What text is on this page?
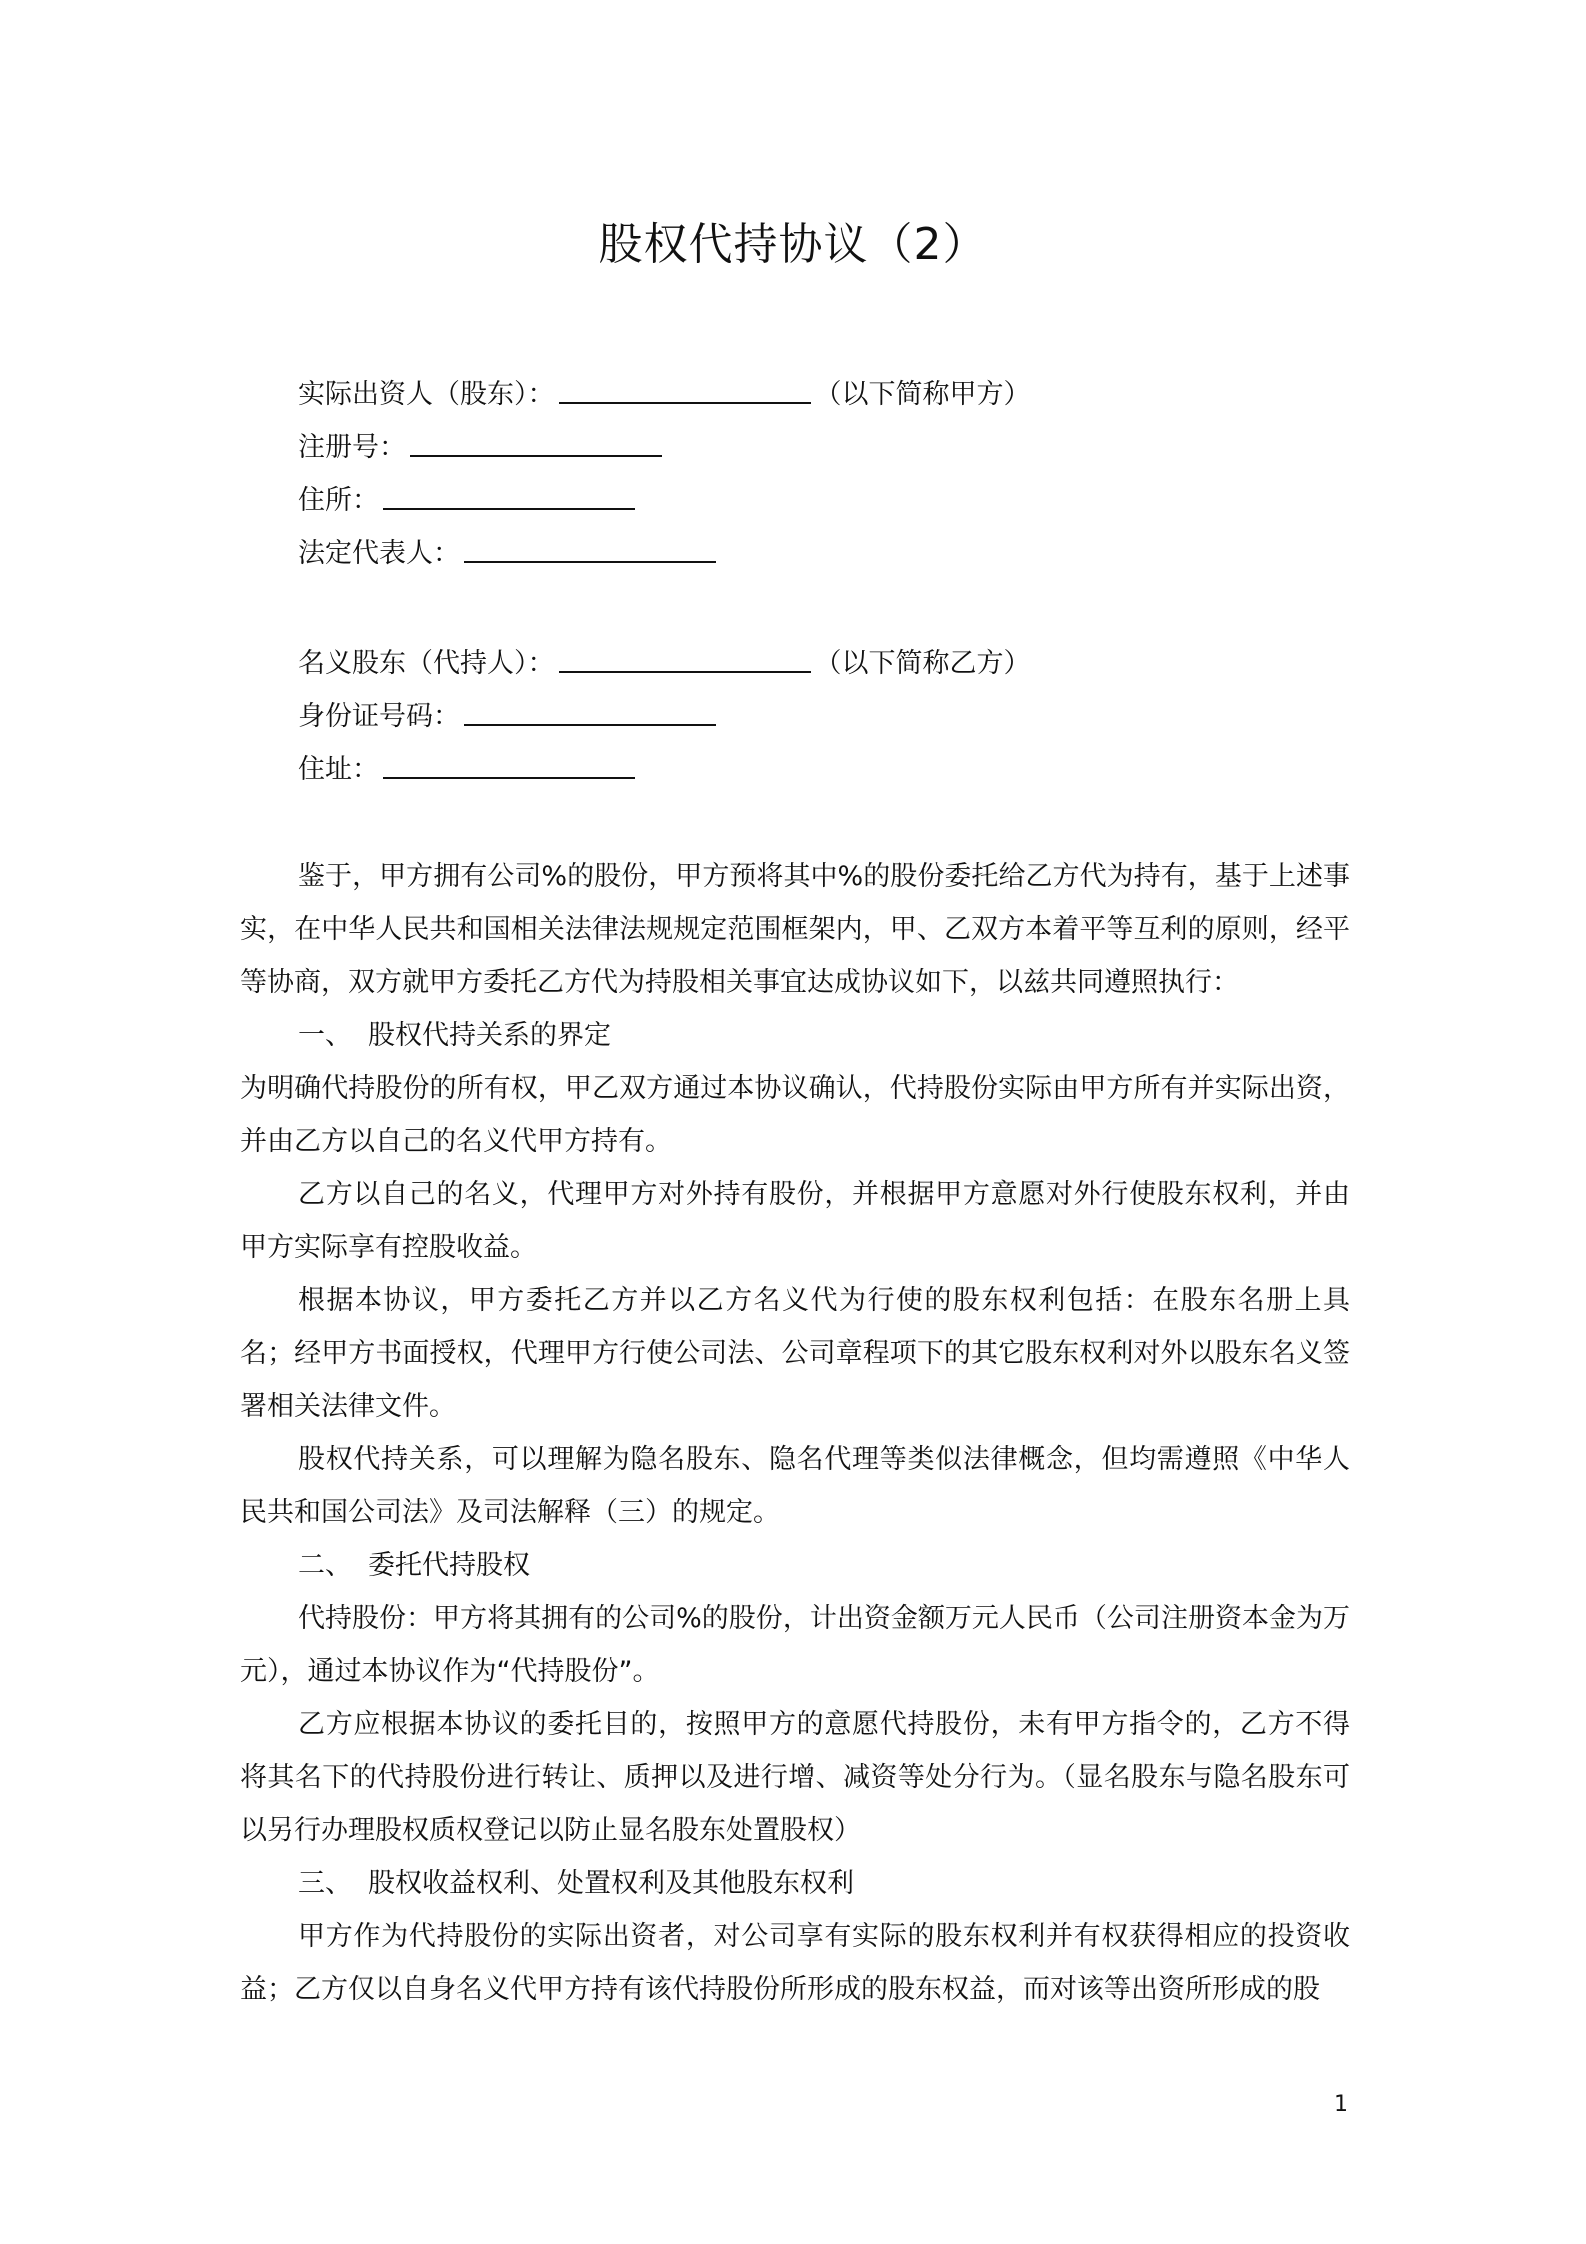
股权代持协议（2）
实际出资人（股东）：	（以下简称甲方）
注册号：
住所：
法定代表人：
名义股东（代持人）：	（以下简称乙方）
身份证号码：
住址：

鉴于，甲方拥有公司%的股份，甲方预将其中%的股份委托给乙方代为持有，基于上述事实，在中华人民共和国相关法律法规规定范围框架内，甲、乙双方本着平等互利的原则，经平等协商，双方就甲方委托乙方代为持股相关事宜达成协议如下，以兹共同遵照执行：

一、 股权代持关系的界定

为明确代持股份的所有权，甲乙双方通过本协议确认，代持股份实际由甲方所有并实际出资，并由乙方以自己的名义代甲方持有。

乙方以自己的名义，代理甲方对外持有股份，并根据甲方意愿对外行使股东权利，并由甲方实际享有控股收益。

根据本协议，甲方委托乙方并以乙方名义代为行使的股东权利包括：在股东名册上具名；经甲方书面授权，代理甲方行使公司法、公司章程项下的其它股东权利对外以股东名义签署相关法律文件。

股权代持关系，可以理解为隐名股东、隐名代理等类似法律概念，但均需遵照《中华人民共和国公司法》及司法解释（三）的规定。

二、 委托代持股权

代持股份：甲方将其拥有的公司%的股份，计出资金额万元人民币（公司注册资本金为万元），通过本协议作为“代持股份”。

乙方应根据本协议的委托目的，按照甲方的意愿代持股份，未有甲方指令的，乙方不得将其名下的代持股份进行转让、质押以及进行增、减资等处分行为。（显名股东与隐名股东可以另行办理股权质权登记以防止显名股东处置股权）

三、 股权收益权利、处置权利及其他股东权利

甲方作为代持股份的实际出资者，对公司享有实际的股东权利并有权获得相应的投资收益；乙方仅以自身名义代甲方持有该代持股份所形成的股东权益，而对该等出资所形成的股

1
